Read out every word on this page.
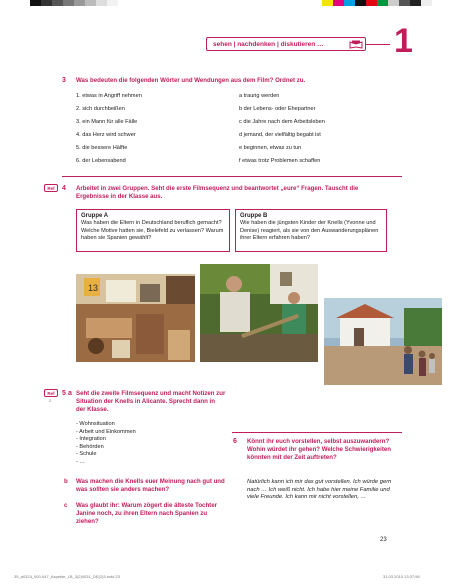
sehen | nachdenken | diskutieren … 1
3 Was bedeuten die folgenden Wörter und Wendungen aus dem Film? Ordnet zu.
1. etwas in Angriff nehmen
2. sich durchbeißen
3. ein Mann für alle Fälle
4. das Herz wird schwer
5. die bessere Hälfte
6. der Lebensabend
a traurig werden
b der Lebens- oder Ehepartner
c die Jahre nach dem Arbeitsleben
d jemand, der vielfältig begabt ist
e beginnen, etwas zu tun
f etwas trotz Problemen schaffen
Ref 4 Arbeitet in zwei Gruppen. Seht die erste Filmsequenz und beantwortet „eure“ Fragen. Tauscht die
Ergebnisse in der Klasse aus.
Gruppe A
Was haben die Eltern in Deutschland beruflich gemacht? Welche Motive hatten sie, Bielefeld zu verlassen? Warum haben sie Spanien gewählt?
Gruppe B
Wie haben die jüngsten Kinder der Knells (Yvonne und Denise) reagiert, als sie von den Auswanderungsplänen ihrer Eltern erfahren haben?
13
Ref
2
5 a Seht die zweite Filmsequenz und macht Notizen zur Situation der Knells in Alicante. Sprecht dann in der Klasse.
- Wohnsituation
- Arbeit und Einkommen
- Integration
- Behörden
- Schule
- …
b Was machen die Knells euer Meinung nach gut und was sollten sie anders machen?
c Was glaubt ihr: Warum zögert die älteste Tochter Janine noch, zu ihren Eltern nach Spanien zu ziehen?
6 Könnt ihr euch vorstellen, selbst auszuwandern? Wohin würdet ihr gehen? Welche Schwierigkeiten könnten mit der Zeit auftreten?
Natürlich kann ich mir das gut vorstellen. Ich würde gern nach … Ich weiß nicht. Ich habe hier meine Familie und viele Freunde. Ich kann mir nicht vorstellen, …
23
35_a0324_000-047_Aspekte_LB_3(2)0031_DE(2)3.indd 23	31.03.2010 13:37:56
